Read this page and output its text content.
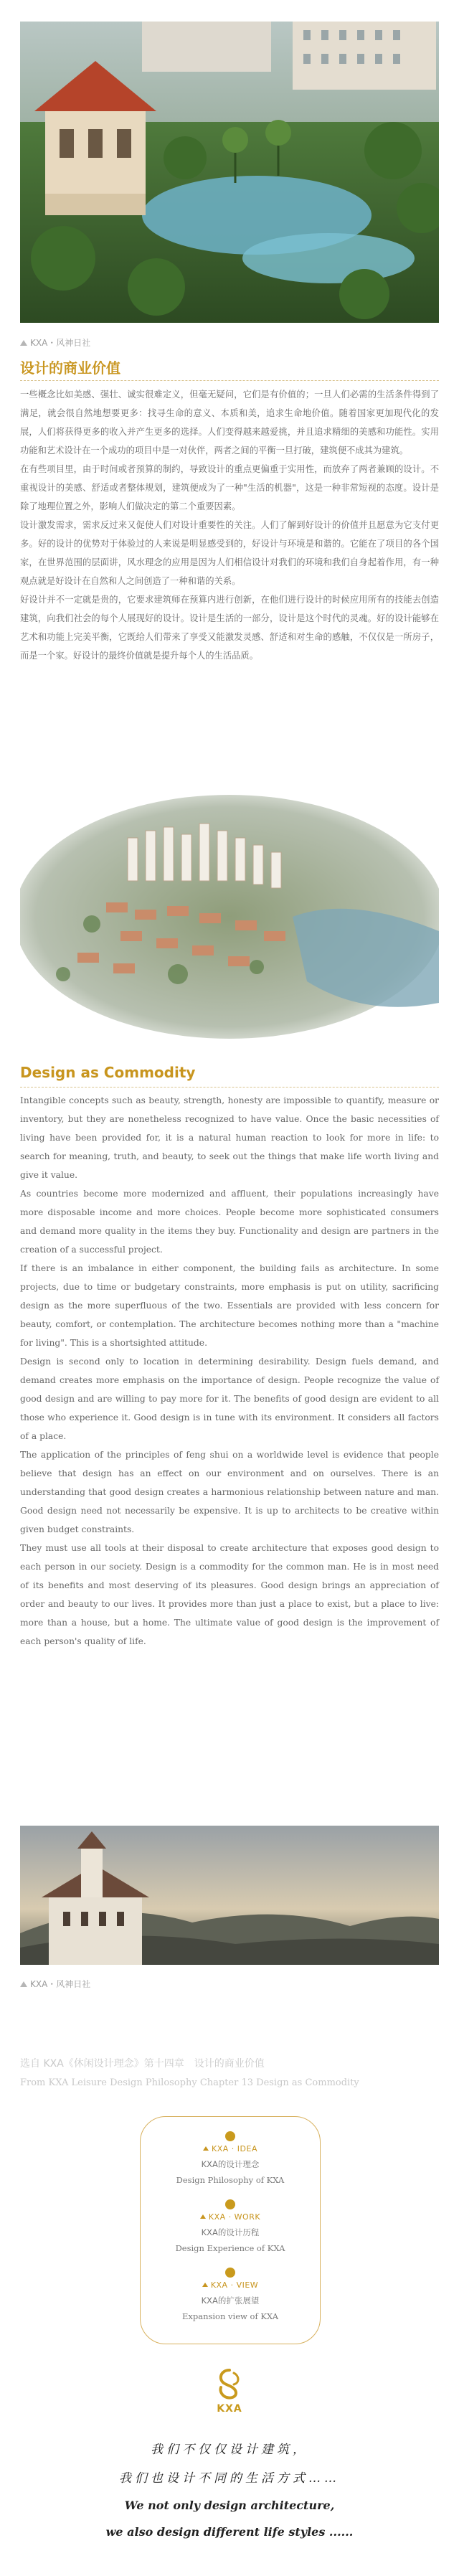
KXA・风神日社
设计的商业价值

一些概念比如美感、强壮、诚实很难定义，但毫无疑问，它们是有价值的；一旦人们必需的生活条件得到了满足，就会很自然地想要更多：找寻生命的意义、本质和美，追求生命地价值。随着国家更加现代化的发展，人们将获得更多的收入并产生更多的选择。人们变得越来越爱挑，并且追求精细的美感和功能性。实用功能和艺术设计在一个成功的项目中是一对伙伴，两者之间的平衡一旦打破，建筑便不成其为建筑。

在有些项目里，由于时间或者预算的制约，导致设计的重点更偏重于实用性，而放弃了两者兼顾的设计。不重视设计的美感、舒适或者整体规划，建筑便成为了一种"生活的机器"，这是一种非常短视的态度。设计是除了地理位置之外，影响人们做决定的第二个重要因素。

设计激发需求，需求反过来又促使人们对设计重要性的关注。人们了解到好设计的价值并且愿意为它支付更多。好的设计的优势对于体验过的人来说是明显感受到的，好设计与环境是和谐的。它能在了项目的各个国家，在世界范围的层面讲，风水理念的应用是因为人们相信设计对我们的环境和我们自身起着作用，有一种观点就是好设计在自然和人之间创造了一种和谐的关系。

好设计并不一定就是贵的，它要求建筑师在预算内进行创新，在他们进行设计的时候应用所有的技能去创造建筑，向我们社会的每个人展现好的设计。设计是生活的一部分，设计是这个时代的灵魂。好的设计能够在艺术和功能上完美平衡，它既给人们带来了享受又能激发灵感、舒适和对生命的感触，不仅仅是一所房子，而是一个家。好设计的最终价值就是提升每个人的生活品质。

Design as Commodity

Intangible concepts such as beauty, strength, honesty are impossible to quantify, measure or inventory, but they are nonetheless recognized to have value. Once the basic necessities of living have been provided for, it is a natural human reaction to look for more in life: to search for meaning, truth, and beauty, to seek out the things that make life worth living and give it value.

As countries become more modernized and affluent, their populations increasingly have more disposable income and more choices. People become more sophisticated consumers and demand more quality in the items they buy. Functionality and design are partners in the creation of a successful project.

If there is an imbalance in either component, the building fails as architecture. In some projects, due to time or budgetary constraints, more emphasis is put on utility, sacrificing design as the more superfluous of the two. Essentials are provided with less concern for beauty, comfort, or contemplation. The architecture becomes nothing more than a "machine for living". This is a shortsighted attitude.

Design is second only to location in determining desirability. Design fuels demand, and demand creates more emphasis on the importance of design. People recognize the value of good design and are willing to pay more for it. The benefits of good design are evident to all those who experience it. Good design is in tune with its environment. It considers all factors of a place.

The application of the principles of feng shui on a worldwide level is evidence that people believe that design has an effect on our environment and on ourselves. There is an understanding that good design creates a harmonious relationship between nature and man. Good design need not necessarily be expensive. It is up to architects to be creative within given budget constraints.

They must use all tools at their disposal to create architecture that exposes good design to each person in our society. Design is a commodity for the common man. He is in most need of its benefits and most deserving of its pleasures. Good design brings an appreciation of order and beauty to our lives. It provides more than just a place to exist, but a place to live: more than a house, but a home. The ultimate value of good design is the improvement of each person's quality of life.

KXA・风神日社
选自 KXA《休闲设计理念》第十四章　设计的商业价值
From KXA Leisure Design Philosophy Chapter 13 Design as Commodity
KXA · IDEA
KXA的设计理念
Design Philosophy of KXA
KXA · WORK
KXA的设计历程
Design Experience of KXA
KXA · VIEW
KXA的扩张展望
Expansion view of KXA
KXA
我们不仅仅设计建筑，
我们也设计不同的生活方式……
We not only design architecture,
we also design different life styles ......
